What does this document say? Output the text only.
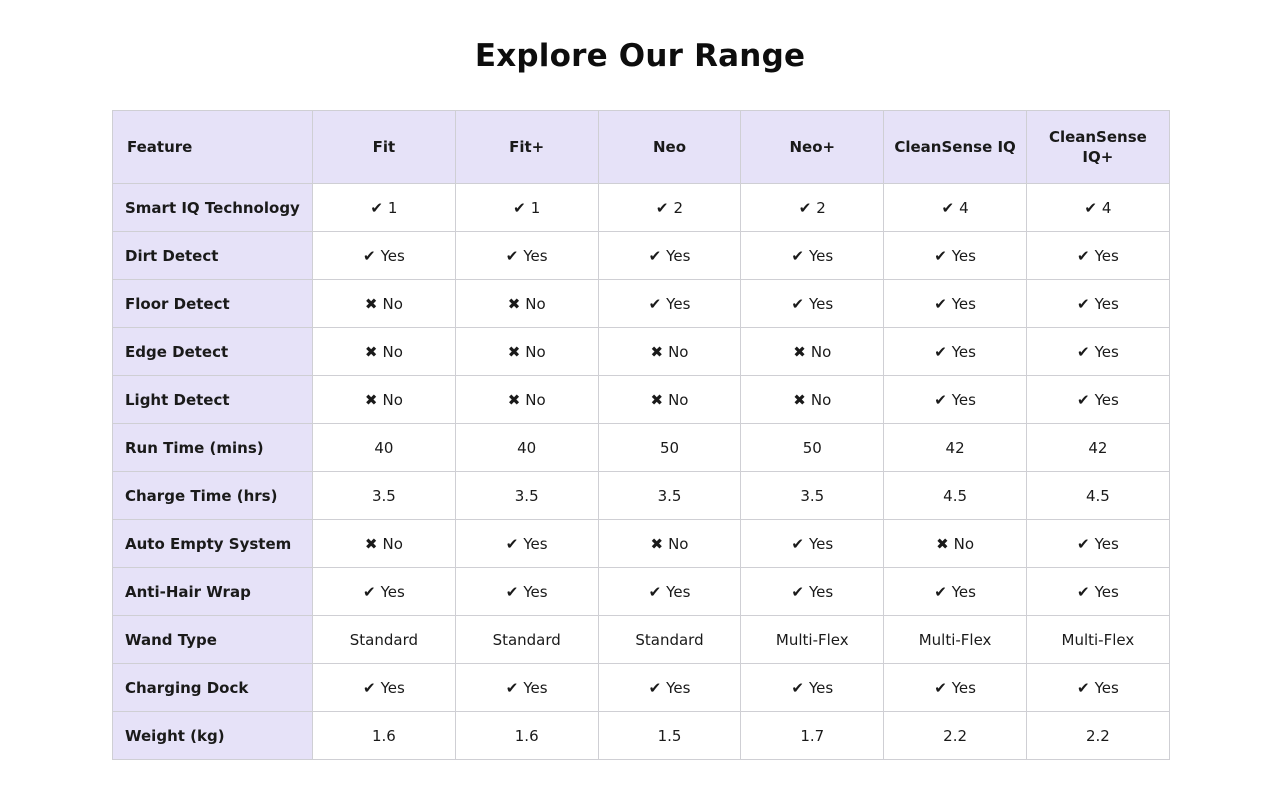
Explore Our Range
Feature	Fit	Fit+	Neo	Neo+	CleanSense IQ	CleanSense IQ+
Smart IQ Technology	✔ 1	✔ 1	✔ 2	✔ 2	✔ 4	✔ 4
Dirt Detect	✔ Yes	✔ Yes	✔ Yes	✔ Yes	✔ Yes	✔ Yes
Floor Detect	✖ No	✖ No	✔ Yes	✔ Yes	✔ Yes	✔ Yes
Edge Detect	✖ No	✖ No	✖ No	✖ No	✔ Yes	✔ Yes
Light Detect	✖ No	✖ No	✖ No	✖ No	✔ Yes	✔ Yes
Run Time (mins)	40	40	50	50	42	42
Charge Time (hrs)	3.5	3.5	3.5	3.5	4.5	4.5
Auto Empty System	✖ No	✔ Yes	✖ No	✔ Yes	✖ No	✔ Yes
Anti-Hair Wrap	✔ Yes	✔ Yes	✔ Yes	✔ Yes	✔ Yes	✔ Yes
Wand Type	Standard	Standard	Standard	Multi-Flex	Multi-Flex	Multi-Flex
Charging Dock	✔ Yes	✔ Yes	✔ Yes	✔ Yes	✔ Yes	✔ Yes
Weight (kg)	1.6	1.6	1.5	1.7	2.2	2.2
